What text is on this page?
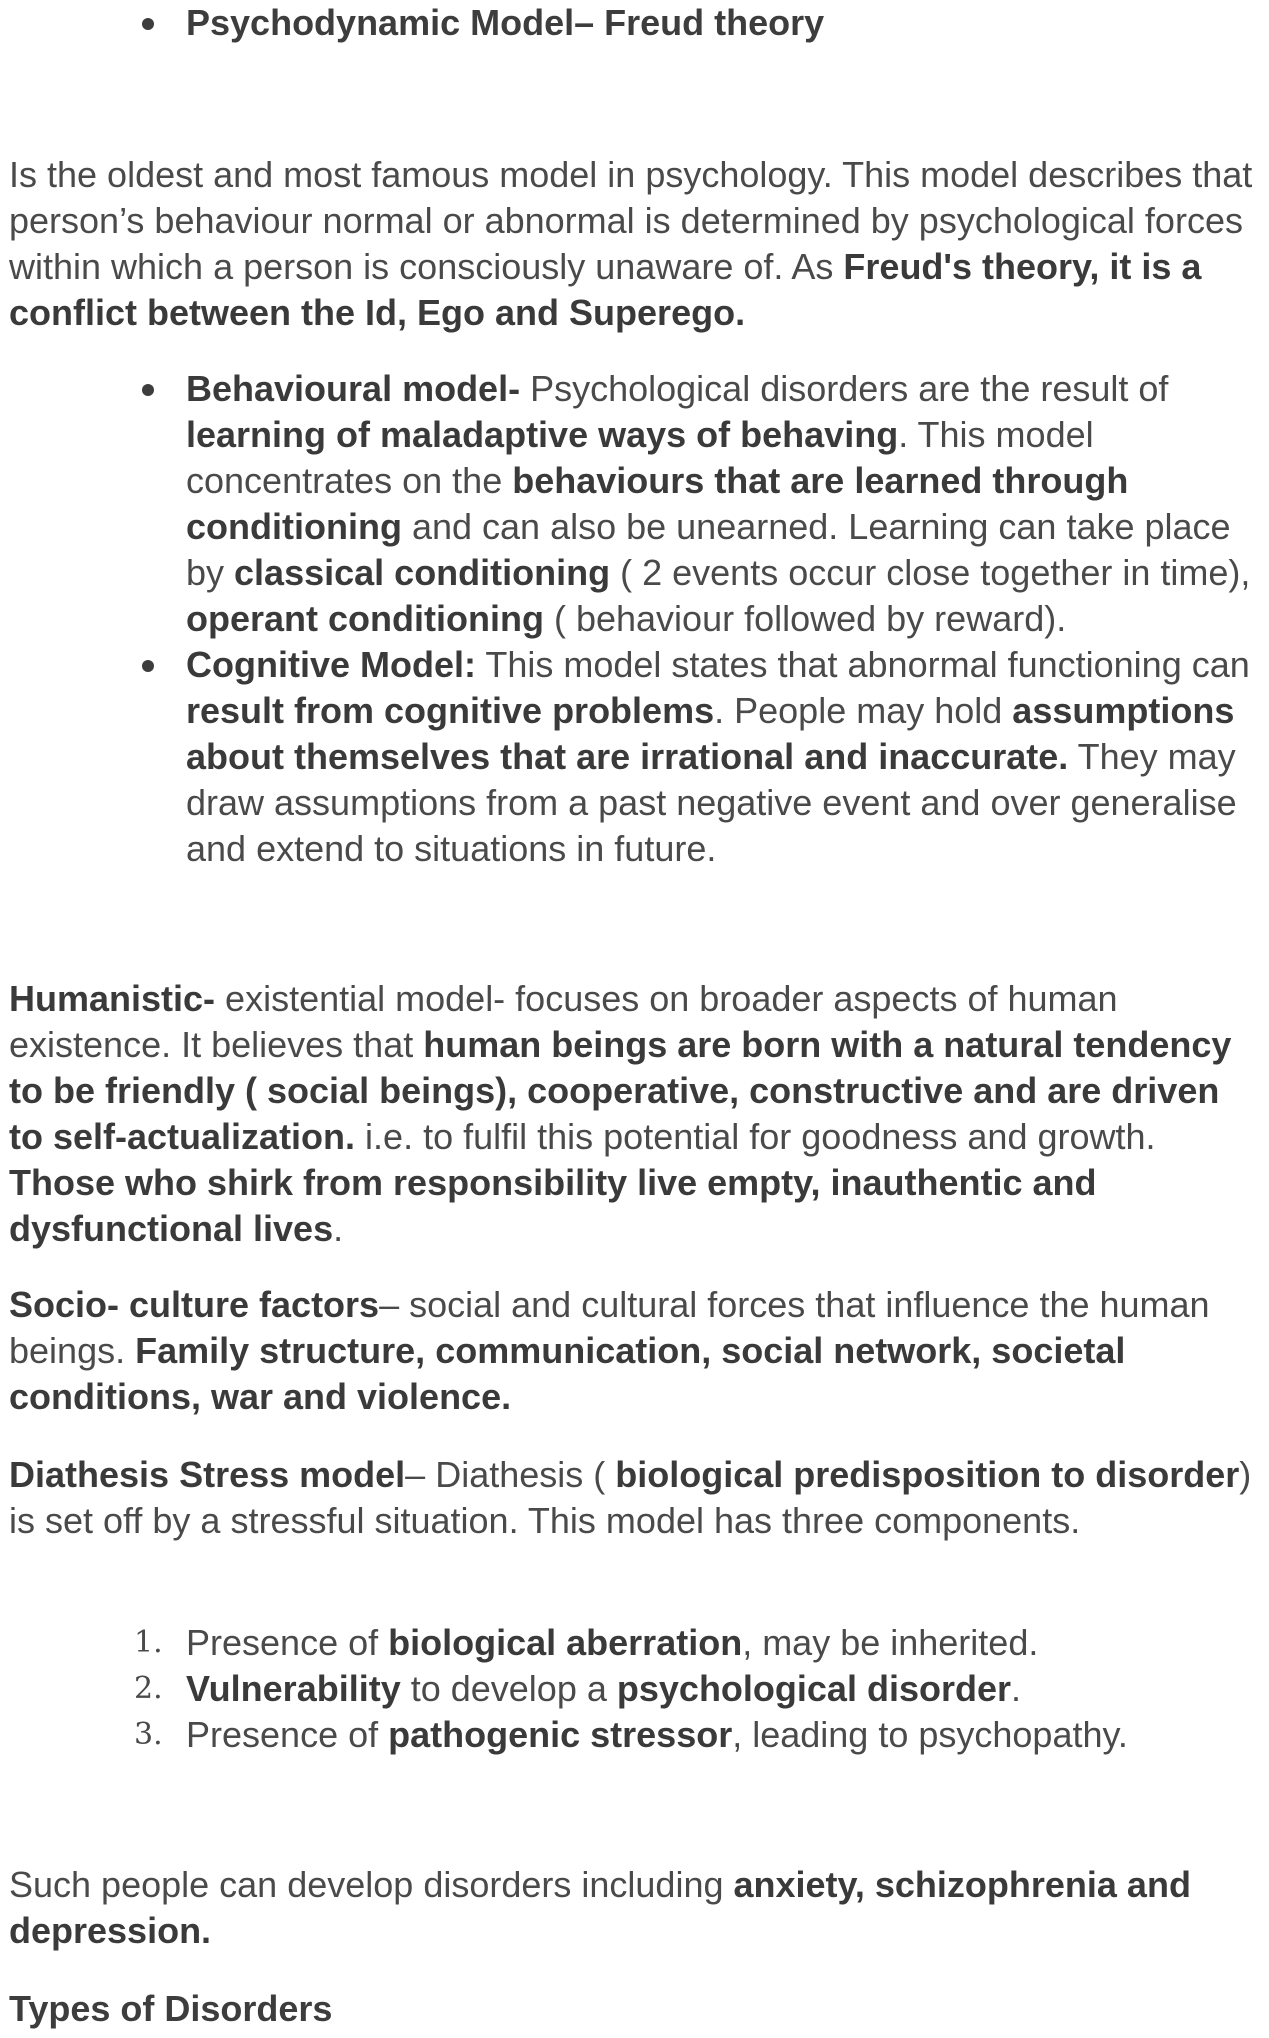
Psychodynamic Model– Freud theory

Is the oldest and most famous model in psychology. This model describes that person’s behaviour normal or abnormal is determined by psychological forces within which a person is consciously unaware of. As Freud's theory, it is a conflict between the Id, Ego and Superego.

Behavioural model- Psychological disorders are the result of learning of maladaptive ways of behaving. This model concentrates on the behaviours that are learned through conditioning and can also be unearned. Learning can take place by classical conditioning ( 2 events occur close together in time), operant conditioning ( behaviour followed by reward).
Cognitive Model: This model states that abnormal functioning can result from cognitive problems. People may hold assumptions about themselves that are irrational and inaccurate. They may draw assumptions from a past negative event and over generalise and extend to situations in future.

Humanistic- existential model- focuses on broader aspects of human existence. It believes that human beings are born with a natural tendency to be friendly ( social beings), cooperative, constructive and are driven to self-actualization. i.e. to fulfil this potential for goodness and growth. Those who shirk from responsibility live empty, inauthentic and dysfunctional lives.

Socio- culture factors– social and cultural forces that influence the human beings. Family structure, communication, social network, societal conditions, war and violence.

Diathesis Stress model– Diathesis ( biological predisposition to disorder) is set off by a stressful situation. This model has three components.

1. Presence of biological aberration, may be inherited.
2. Vulnerability to develop a psychological disorder.
3. Presence of pathogenic stressor, leading to psychopathy.

Such people can develop disorders including anxiety, schizophrenia and depression.

Types of Disorders
